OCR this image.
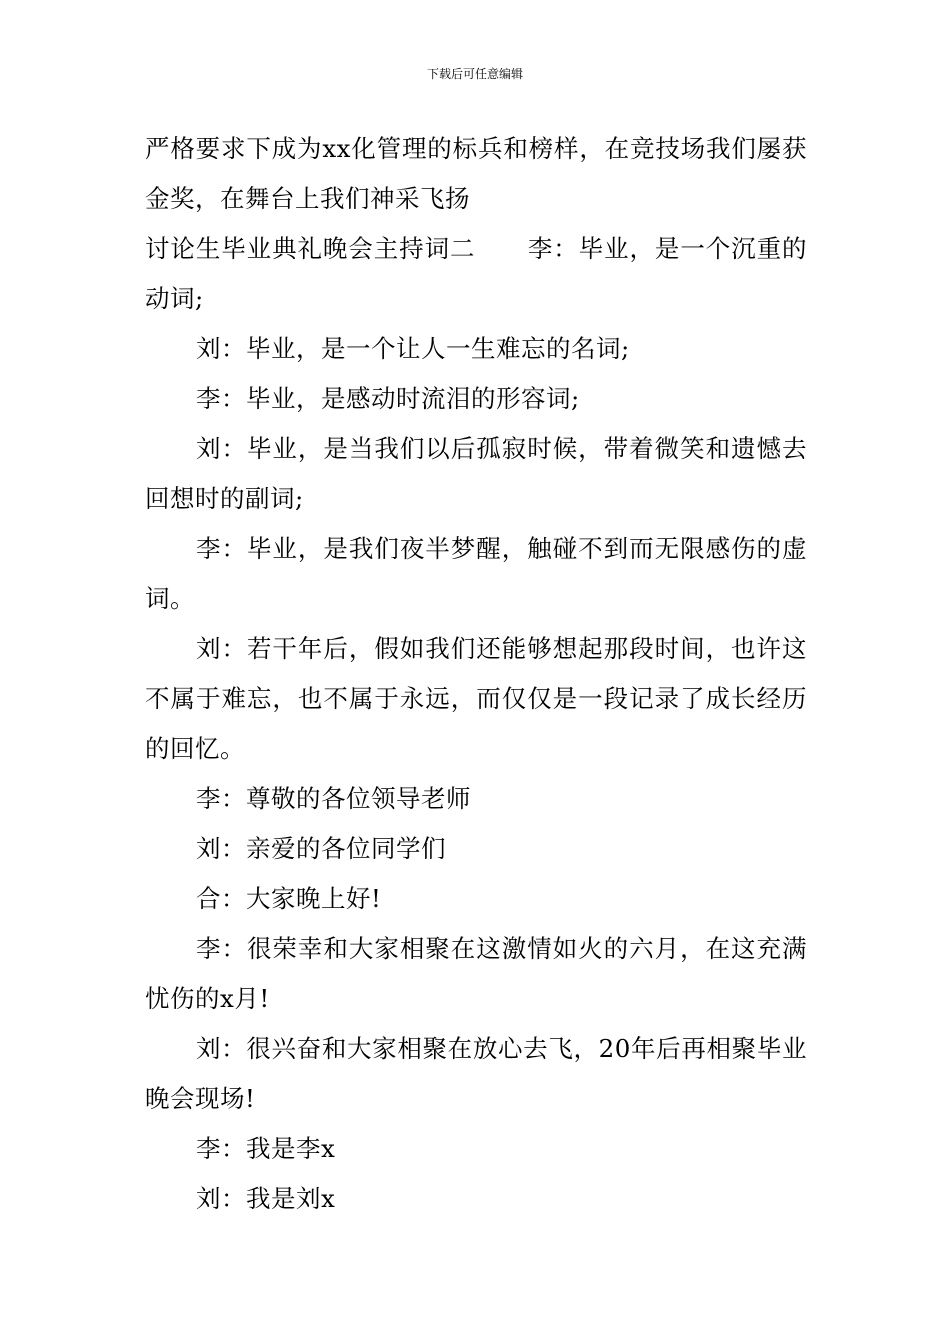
下载后可任意编辑

严格要求下成为xx化管理的标兵和榜样，在竞技场我们屡获金奖，在舞台上我们神采飞扬

讨论生毕业典礼晚会主持词二 李：毕业，是一个沉重的动词;

刘：毕业，是一个让人一生难忘的名词;

李：毕业，是感动时流泪的形容词;

刘：毕业，是当我们以后孤寂时候，带着微笑和遗憾去回想时的副词;

李：毕业，是我们夜半梦醒，触碰不到而无限感伤的虚词。

刘：若干年后，假如我们还能够想起那段时间，也许这不属于难忘，也不属于永远，而仅仅是一段记录了成长经历的回忆。

李：尊敬的各位领导老师

刘：亲爱的各位同学们

合：大家晚上好!

李：很荣幸和大家相聚在这激情如火的六月，在这充满忧伤的x月!

刘：很兴奋和大家相聚在放心去飞，20年后再相聚毕业晚会现场!

李：我是李x

刘：我是刘x
